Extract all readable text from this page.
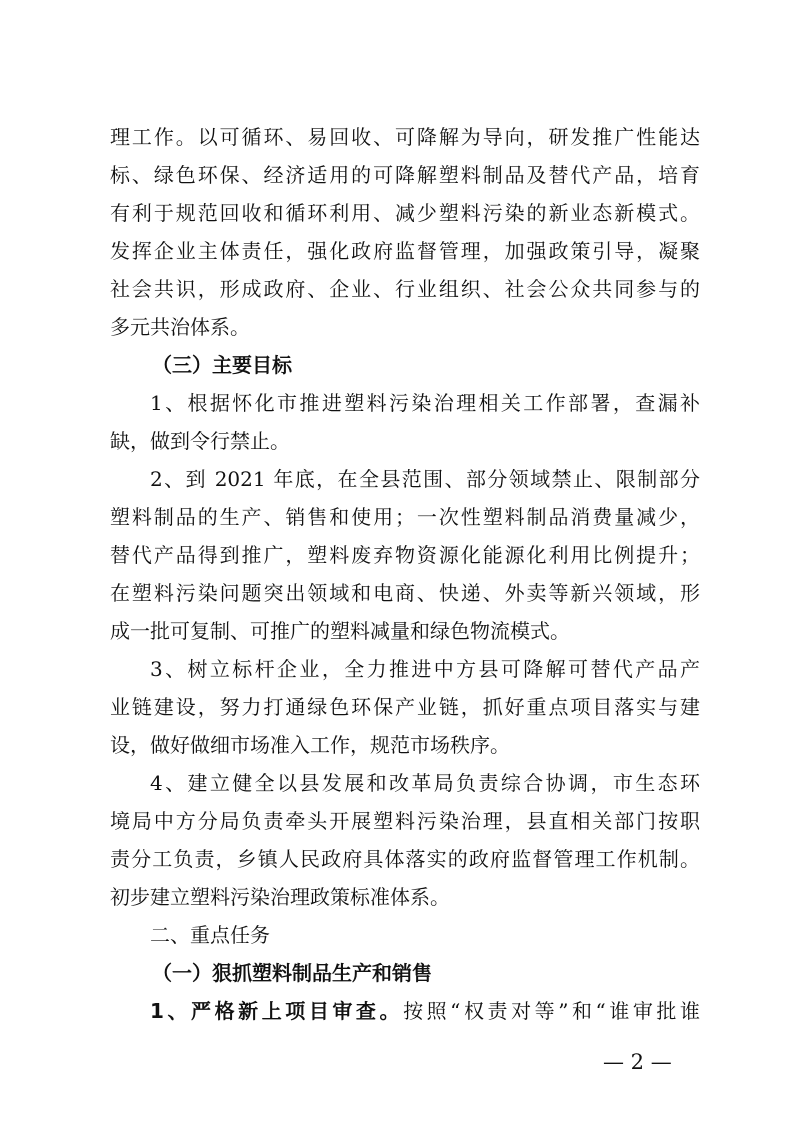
理工作。以可循环、易回收、可降解为导向，研发推广性能达
标、绿色环保、经济适用的可降解塑料制品及替代产品，培育
有利于规范回收和循环利用、减少塑料污染的新业态新模式。
发挥企业主体责任，强化政府监督管理，加强政策引导，凝聚
社会共识，形成政府、企业、行业组织、社会公众共同参与的
多元共治体系。
（三）主要目标
1、根据怀化市推进塑料污染治理相关工作部署，查漏补
缺，做到令行禁止。
2、到 2021 年底，在全县范围、部分领域禁止、限制部分
塑料制品的生产、销售和使用；一次性塑料制品消费量减少，
替代产品得到推广，塑料废弃物资源化能源化利用比例提升；
在塑料污染问题突出领域和电商、快递、外卖等新兴领域，形
成一批可复制、可推广的塑料减量和绿色物流模式。
3、树立标杆企业，全力推进中方县可降解可替代产品产
业链建设，努力打通绿色环保产业链，抓好重点项目落实与建
设，做好做细市场准入工作，规范市场秩序。
4、建立健全以县发展和改革局负责综合协调，市生态环
境局中方分局负责牵头开展塑料污染治理，县直相关部门按职
责分工负责，乡镇人民政府具体落实的政府监督管理工作机制。
初步建立塑料污染治理政策标准体系。
二、重点任务
（一）狠抓塑料制品生产和销售
1、严格新上项目审查。按照“权责对等”和“谁审批谁
— 2 —
